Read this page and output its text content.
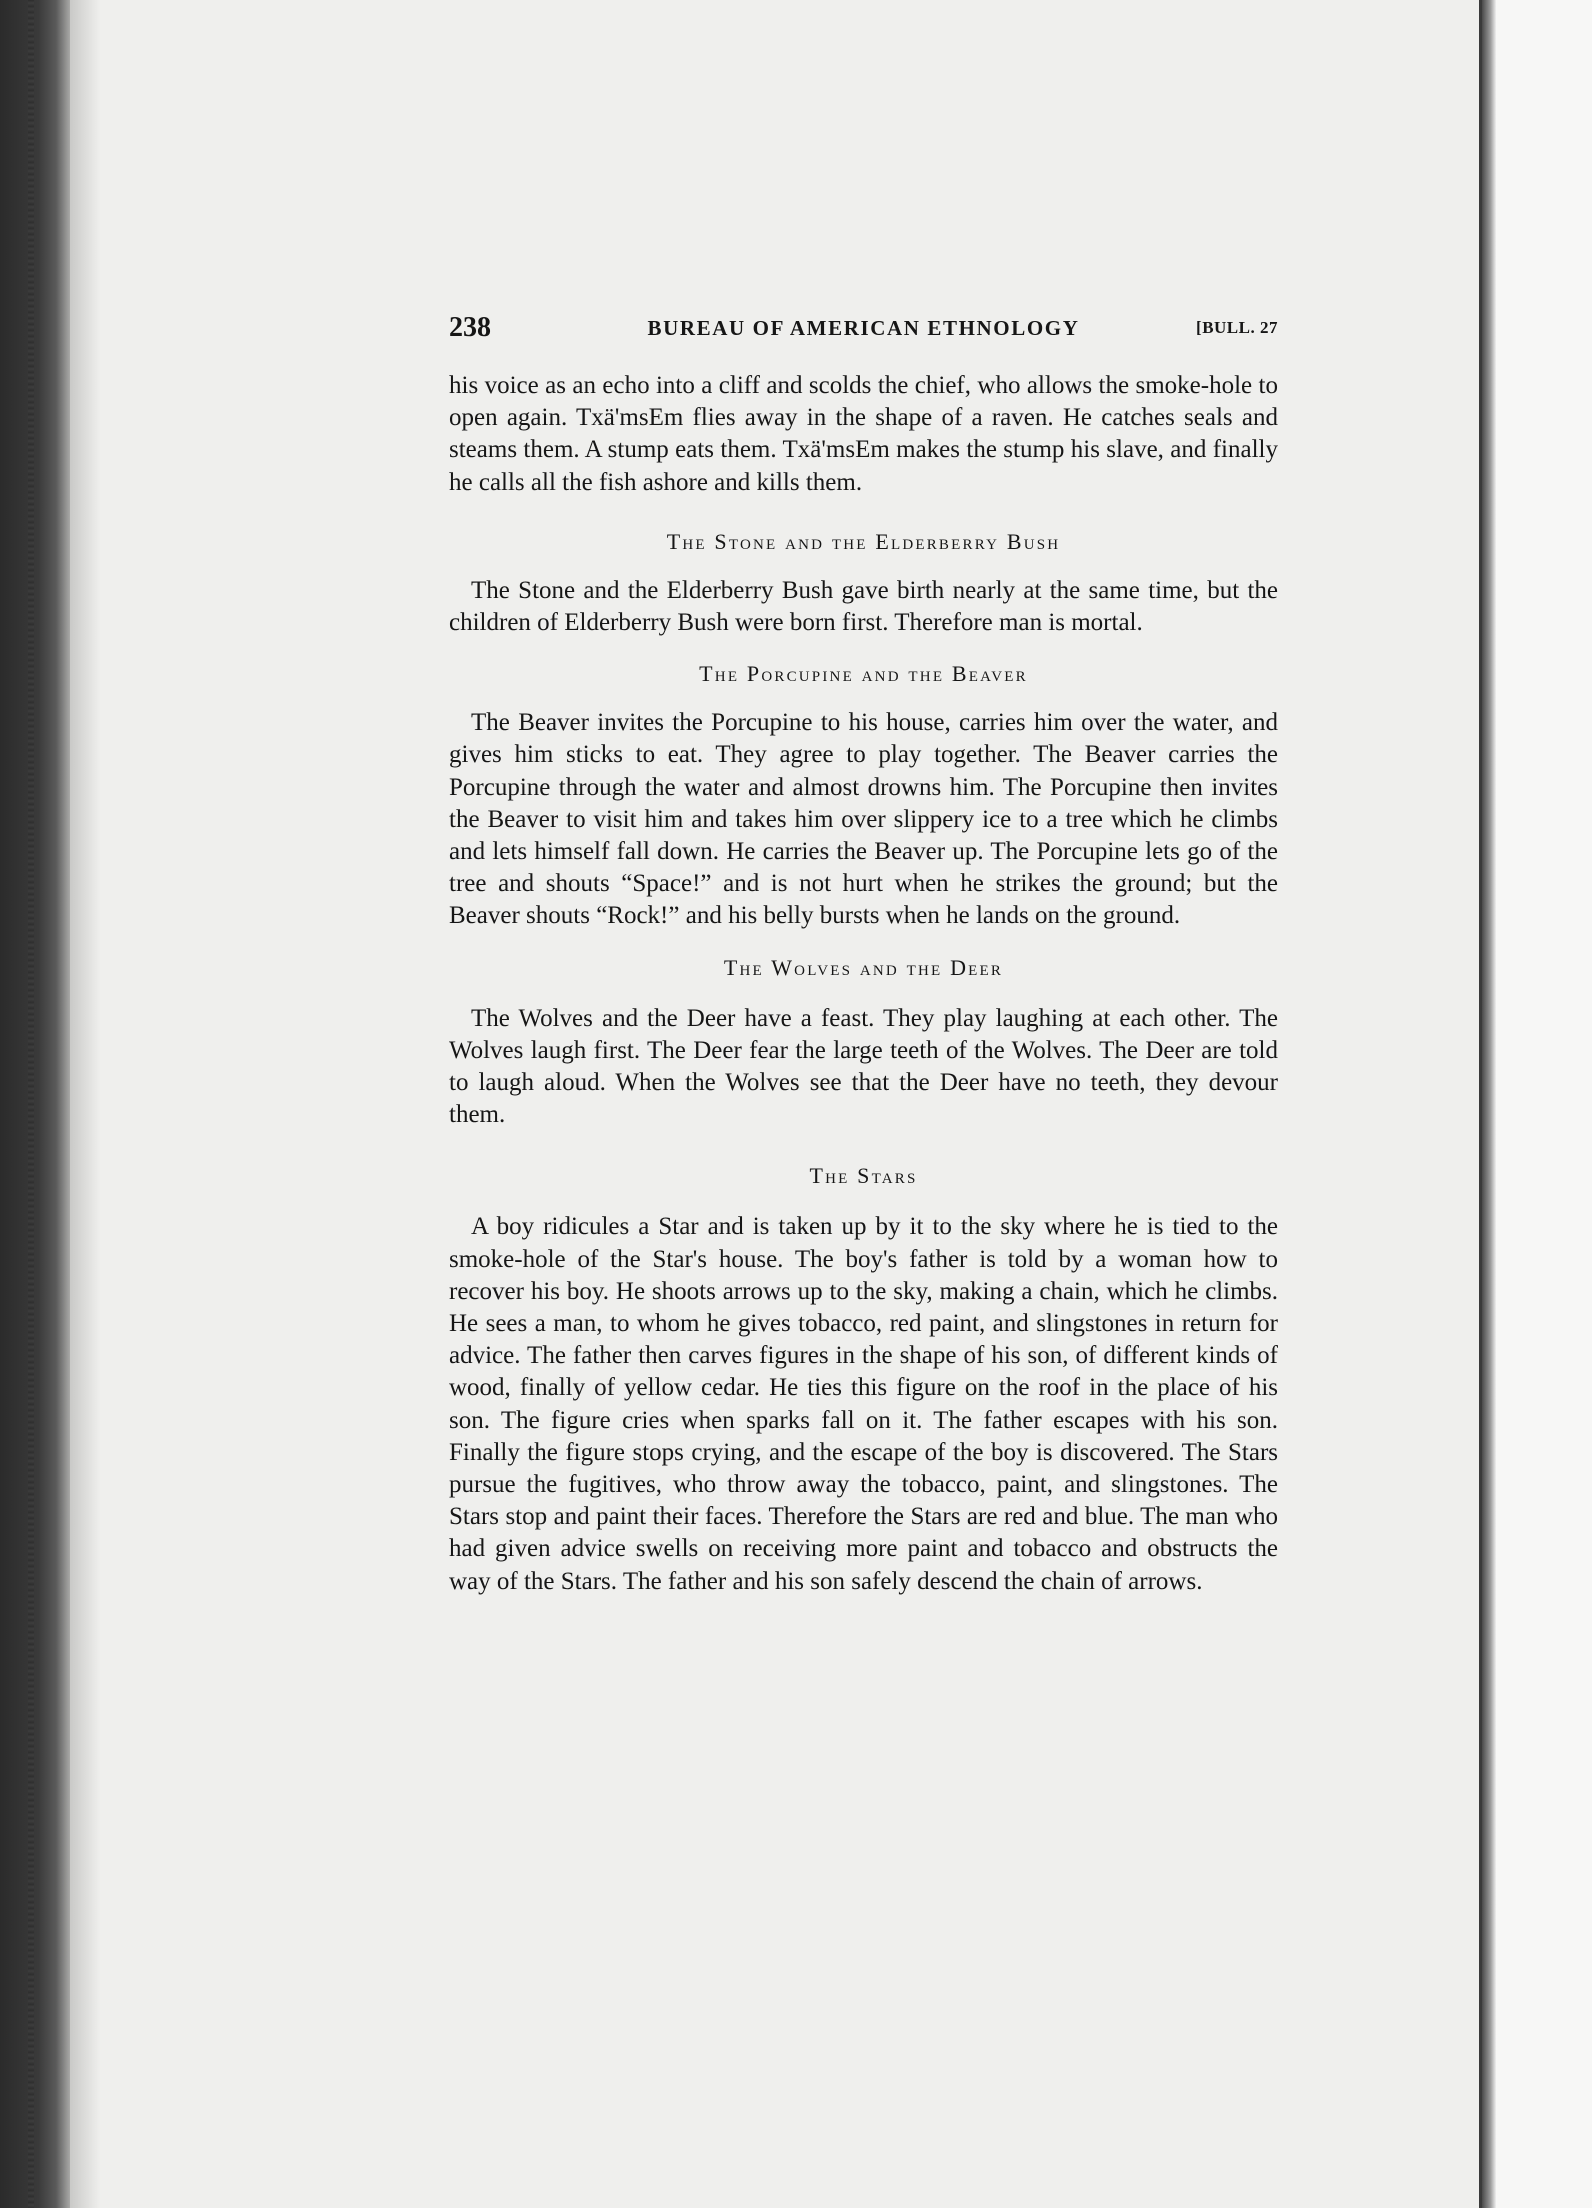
238	BUREAU OF AMERICAN ETHNOLOGY	[BULL. 27

his voice as an echo into a cliff and scolds the chief, who allows the smoke-hole to open again. Txä'msEm flies away in the shape of a raven. He catches seals and steams them. A stump eats them. Txä'msEm makes the stump his slave, and finally he calls all the fish ashore and kills them.

The Stone and the Elderberry Bush

The Stone and the Elderberry Bush gave birth nearly at the same time, but the children of Elderberry Bush were born first. Therefore man is mortal.

The Porcupine and the Beaver

The Beaver invites the Porcupine to his house, carries him over the water, and gives him sticks to eat. They agree to play together. The Beaver carries the Porcupine through the water and almost drowns him. The Porcupine then invites the Beaver to visit him and takes him over slippery ice to a tree which he climbs and lets himself fall down. He carries the Beaver up. The Porcupine lets go of the tree and shouts “Space!” and is not hurt when he strikes the ground; but the Beaver shouts “Rock!” and his belly bursts when he lands on the ground.

The Wolves and the Deer

The Wolves and the Deer have a feast. They play laughing at each other. The Wolves laugh first. The Deer fear the large teeth of the Wolves. The Deer are told to laugh aloud. When the Wolves see that the Deer have no teeth, they devour them.

The Stars

A boy ridicules a Star and is taken up by it to the sky where he is tied to the smoke-hole of the Star's house. The boy's father is told by a woman how to recover his boy. He shoots arrows up to the sky, making a chain, which he climbs. He sees a man, to whom he gives tobacco, red paint, and slingstones in return for advice. The father then carves figures in the shape of his son, of different kinds of wood, finally of yellow cedar. He ties this figure on the roof in the place of his son. The figure cries when sparks fall on it. The father escapes with his son. Finally the figure stops crying, and the escape of the boy is discovered. The Stars pursue the fugitives, who throw away the tobacco, paint, and slingstones. The Stars stop and paint their faces. Therefore the Stars are red and blue. The man who had given advice swells on receiving more paint and tobacco and obstructs the way of the Stars. The father and his son safely descend the chain of arrows.
